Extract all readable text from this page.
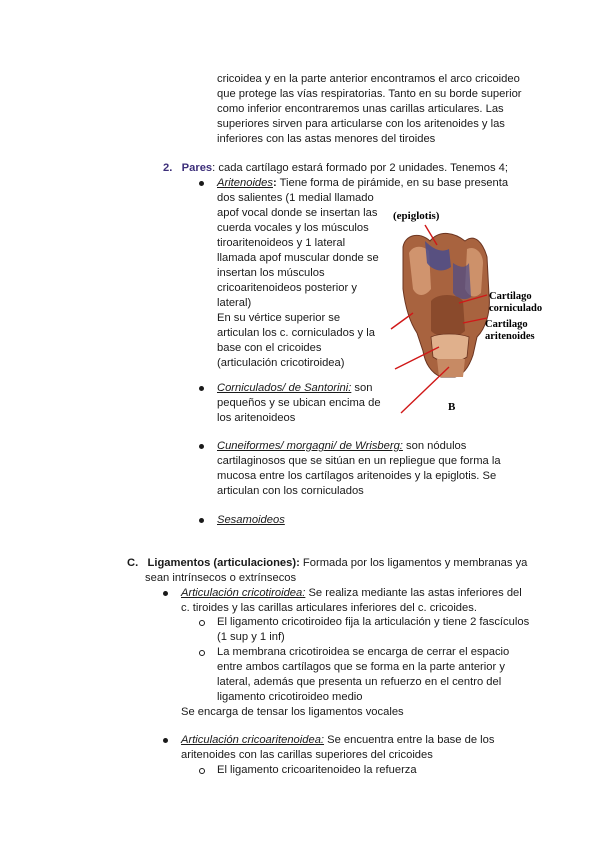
cricoidea y en la parte anterior encontramos el arco cricoideo
que protege las vías respiratorias. Tanto en su borde superior
como inferior encontraremos unas carillas articulares. Las
superiores sirven para articularse con los aritenoides y las
inferiores con las astas menores del tiroides
2. Pares: cada cartílago estará formado por 2 unidades. Tenemos 4;
Aritenoides: Tiene forma de pirámide, en su base presenta
dos salientes (1 medial llamado
apof vocal donde se insertan las
cuerda vocales y los músculos
tiroaritenoideos y 1 lateral
llamada apof muscular donde se
insertan los músculos
cricoaritenoideos posterior y
lateral)
En su vértice superior se
articulan los c. corniculados y la
base con el cricoides
(articulación cricotiroidea)
(epiglotis)
Cartilago
corniculado
Cartilago
aritenoides
B
Corniculados/ de Santorini: son
pequeños y se ubican encima de
los aritenoideos
Cuneiformes/ morgagni/ de Wrisberg: son nódulos
cartilaginosos que se sitúan en un repliegue que forma la
mucosa entre los cartílagos aritenoides y la epiglotis. Se
articulan con los corniculados
Sesamoideos
C. Ligamentos (articulaciones): Formada por los ligamentos y membranas ya
sean intrínsecos o extrínsecos
Articulación cricotiroidea: Se realiza mediante las astas inferiores del
c. tiroides y las carillas articulares inferiores del c. cricoides.
El ligamento cricotiroideo fija la articulación y tiene 2 fascículos
(1 sup y 1 inf)
La membrana cricotiroidea se encarga de cerrar el espacio
entre ambos cartílagos que se forma en la parte anterior y
lateral, además que presenta un refuerzo en el centro del
ligamento cricotiroideo medio
Se encarga de tensar los ligamentos vocales
Articulación cricoaritenoidea: Se encuentra entre la base de los
aritenoides con las carillas superiores del cricoides
El ligamento cricoaritenoideo la refuerza
